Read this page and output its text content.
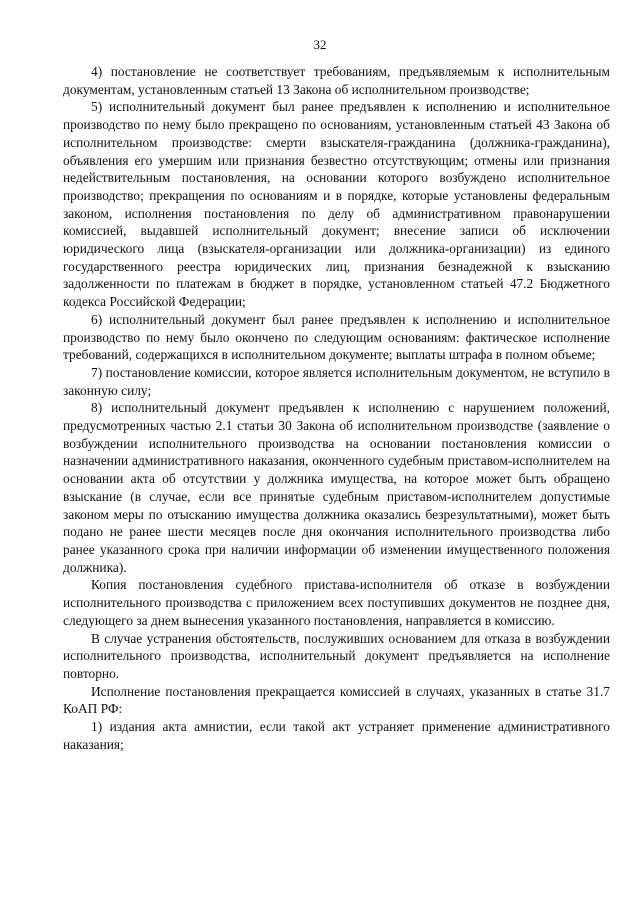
32

4) постановление не соответствует требованиям, предъявляемым к исполнительным документам, установленным статьей 13 Закона об исполнительном производстве;

5) исполнительный документ был ранее предъявлен к исполнению и исполнительное производство по нему было прекращено по основаниям, установленным статьей 43 Закона об исполнительном производстве: смерти взыскателя-гражданина (должника-гражданина), объявления его умершим или признания безвестно отсутствующим; отмены или признания недействительным постановления, на основании которого возбуждено исполнительное производство; прекращения по основаниям и в порядке, которые установлены федеральным законом, исполнения постановления по делу об административном правонарушении комиссией, выдавшей исполнительный документ; внесение записи об исключении юридического лица (взыскателя-организации или должника-организации) из единого государственного реестра юридических лиц, признания безнадежной к взысканию задолженности по платежам в бюджет в порядке, установленном статьей 47.2 Бюджетного кодекса Российской Федерации;

6) исполнительный документ был ранее предъявлен к исполнению и исполнительное производство по нему было окончено по следующим основаниям: фактическое исполнение требований, содержащихся в исполнительном документе; выплаты штрафа в полном объеме;

7) постановление комиссии, которое является исполнительным документом, не вступило в законную силу;

8) исполнительный документ предъявлен к исполнению с нарушением положений, предусмотренных частью 2.1 статьи 30 Закона об исполнительном производстве (заявление о возбуждении исполнительного производства на основании постановления комиссии о назначении административного наказания, оконченного судебным приставом-исполнителем на основании акта об отсутствии у должника имущества, на которое может быть обращено взыскание (в случае, если все принятые судебным приставом-исполнителем допустимые законом меры по отысканию имущества должника оказались безрезультатными), может быть подано не ранее шести месяцев после дня окончания исполнительного производства либо ранее указанного срока при наличии информации об изменении имущественного положения должника).

Копия постановления судебного пристава-исполнителя об отказе в возбуждении исполнительного производства с приложением всех поступивших документов не позднее дня, следующего за днем вынесения указанного постановления, направляется в комиссию.

В случае устранения обстоятельств, послуживших основанием для отказа в возбуждении исполнительного производства, исполнительный документ предъявляется на исполнение повторно.

Исполнение постановления прекращается комиссией в случаях, указанных в статье 31.7 КоАП РФ:

1) издания акта амнистии, если такой акт устраняет применение административного наказания;
